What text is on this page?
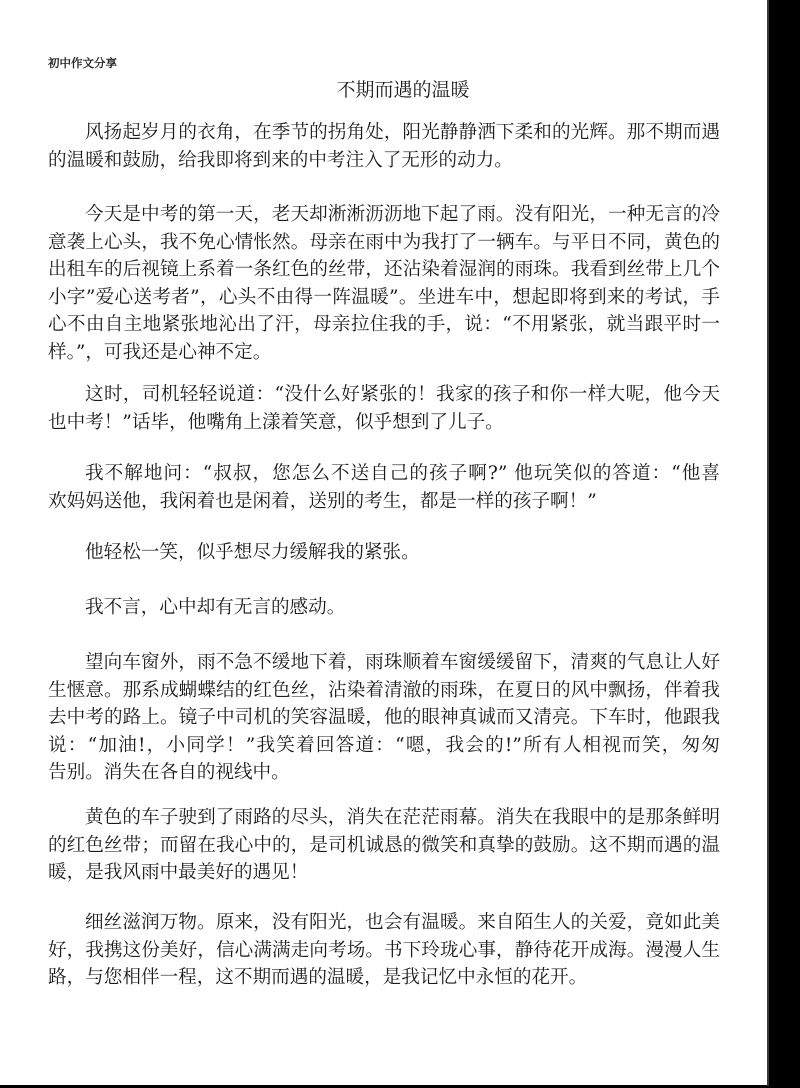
初中作文分享
不期而遇的温暖
风扬起岁月的衣角，在季节的拐角处，阳光静静洒下柔和的光辉。那不期而遇
的温暖和鼓励，给我即将到来的中考注入了无形的动力。
今天是中考的第一天，老天却淅淅沥沥地下起了雨。没有阳光，一种无言的冷
意袭上心头，我不免心情怅然。母亲在雨中为我打了一辆车。与平日不同，黄色的
出租车的后视镜上系着一条红色的丝带，还沾染着湿润的雨珠。我看到丝带上几个
小字”爱心送考者”，心头不由得一阵温暖”。坐进车中，想起即将到来的考试，手
心不由自主地紧张地沁出了汗，母亲拉住我的手，说：“不用紧张，就当跟平时一
样。”，可我还是心神不定。
这时，司机轻轻说道：“没什么好紧张的！我家的孩子和你一样大呢，他今天
也中考！”话毕，他嘴角上漾着笑意，似乎想到了儿子。
我不解地问：“叔叔，您怎么不送自己的孩子啊?” 他玩笑似的答道：“他喜
欢妈妈送他，我闲着也是闲着，送别的考生，都是一样的孩子啊！”
他轻松一笑，似乎想尽力缓解我的紧张。
我不言，心中却有无言的感动。
望向车窗外，雨不急不缓地下着，雨珠顺着车窗缓缓留下，清爽的气息让人好
生惬意。那系成蝴蝶结的红色丝，沾染着清澈的雨珠，在夏日的风中飘扬，伴着我
去中考的路上。镜子中司机的笑容温暖，他的眼神真诚而又清亮。下车时，他跟我
说：“加油!，小同学！”我笑着回答道：“嗯，我会的!”所有人相视而笑，匆匆
告别。消失在各自的视线中。
黄色的车子驶到了雨路的尽头，消失在茫茫雨幕。消失在我眼中的是那条鲜明
的红色丝带；而留在我心中的，是司机诚恳的微笑和真挚的鼓励。这不期而遇的温
暖，是我风雨中最美好的遇见！
细丝滋润万物。原来，没有阳光，也会有温暖。来自陌生人的关爱，竟如此美
好，我携这份美好，信心满满走向考场。书下玲珑心事，静待花开成海。漫漫人生
路，与您相伴一程，这不期而遇的温暖，是我记忆中永恒的花开。
